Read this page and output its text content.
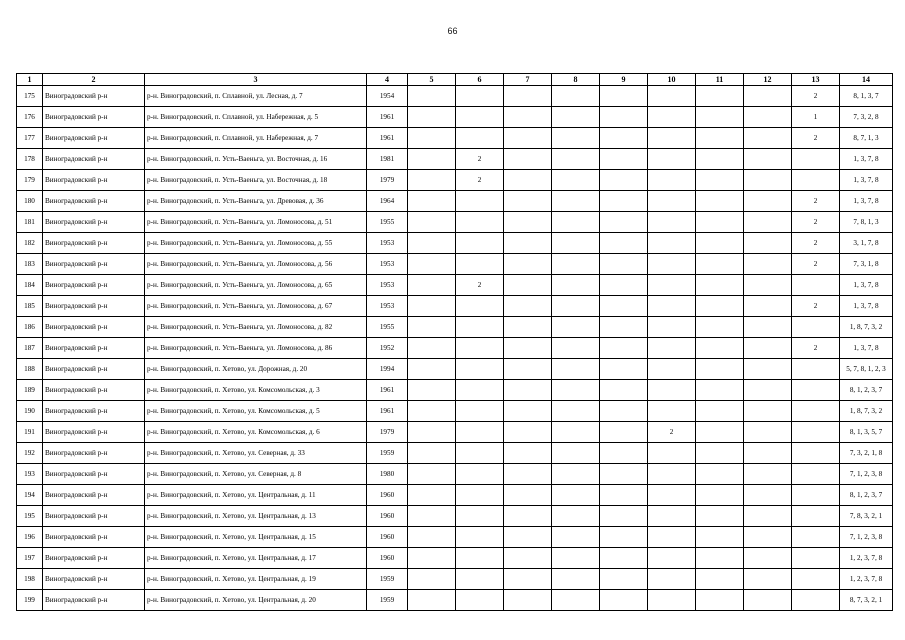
66
1	2	3	4	5	6	7	8	9	10	11	12	13	14
175	Виноградовский р-н	р-н. Виноградовский, п. Сплавной, ул. Лесная, д. 7	1954									2	8, 1, 3, 7
176	Виноградовский р-н	р-н. Виноградовский, п. Сплавной, ул. Набережная, д. 5	1961									1	7, 3, 2, 8
177	Виноградовский р-н	р-н. Виноградовский, п. Сплавной, ул. Набережная, д. 7	1961									2	8, 7, 1, 3
178	Виноградовский р-н	р-н. Виноградовский, п. Усть-Ваеньга, ул. Восточная, д. 16	1981		2								1, 3, 7, 8
179	Виноградовский р-н	р-н. Виноградовский, п. Усть-Ваеньга, ул. Восточная, д. 18	1979		2								1, 3, 7, 8
180	Виноградовский р-н	р-н. Виноградовский, п. Усть-Ваеньга, ул. Древовая, д. 36	1964									2	1, 3, 7, 8
181	Виноградовский р-н	р-н. Виноградовский, п. Усть-Ваеньга, ул. Ломоносова, д. 51	1955									2	7, 8, 1, 3
182	Виноградовский р-н	р-н. Виноградовский, п. Усть-Ваеньга, ул. Ломоносова, д. 55	1953									2	3, 1, 7, 8
183	Виноградовский р-н	р-н. Виноградовский, п. Усть-Ваеньга, ул. Ломоносова, д. 56	1953									2	7, 3, 1, 8
184	Виноградовский р-н	р-н. Виноградовский, п. Усть-Ваеньга, ул. Ломоносова, д. 65	1953		2								1, 3, 7, 8
185	Виноградовский р-н	р-н. Виноградовский, п. Усть-Ваеньга, ул. Ломоносова, д. 67	1953									2	1, 3, 7, 8
186	Виноградовский р-н	р-н. Виноградовский, п. Усть-Ваеньга, ул. Ломоносова, д. 82	1955										1, 8, 7, 3, 2
187	Виноградовский р-н	р-н. Виноградовский, п. Усть-Ваеньга, ул. Ломоносова, д. 86	1952									2	1, 3, 7, 8
188	Виноградовский р-н	р-н. Виноградовский, п. Хетово, ул. Дорожная, д. 20	1994										5, 7, 8, 1, 2, 3
189	Виноградовский р-н	р-н. Виноградовский, п. Хетово, ул. Комсомольская, д. 3	1961										8, 1, 2, 3, 7
190	Виноградовский р-н	р-н. Виноградовский, п. Хетово, ул. Комсомольская, д. 5	1961										1, 8, 7, 3, 2
191	Виноградовский р-н	р-н. Виноградовский, п. Хетово, ул. Комсомольская, д. 6	1979						2				8, 1, 3, 5, 7
192	Виноградовский р-н	р-н. Виноградовский, п. Хетово, ул. Северная, д. 33	1959										7, 3, 2, 1, 8
193	Виноградовский р-н	р-н. Виноградовский, п. Хетово, ул. Северная, д. 8	1980										7, 1, 2, 3, 8
194	Виноградовский р-н	р-н. Виноградовский, п. Хетово, ул. Центральная, д. 11	1960										8, 1, 2, 3, 7
195	Виноградовский р-н	р-н. Виноградовский, п. Хетово, ул. Центральная, д. 13	1960										7, 8, 3, 2, 1
196	Виноградовский р-н	р-н. Виноградовский, п. Хетово, ул. Центральная, д. 15	1960										7, 1, 2, 3, 8
197	Виноградовский р-н	р-н. Виноградовский, п. Хетово, ул. Центральная, д. 17	1960										1, 2, 3, 7, 8
198	Виноградовский р-н	р-н. Виноградовский, п. Хетово, ул. Центральная, д. 19	1959										1, 2, 3, 7, 8
199	Виноградовский р-н	р-н. Виноградовский, п. Хетово, ул. Центральная, д. 20	1959										8, 7, 3, 2, 1
